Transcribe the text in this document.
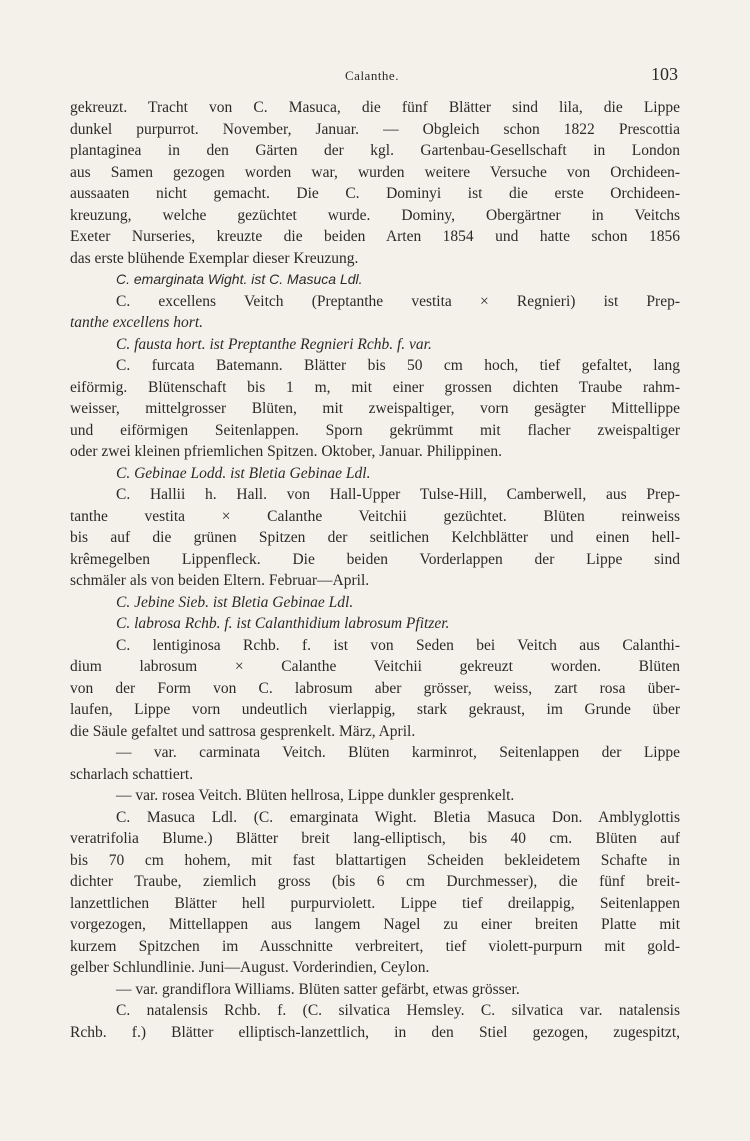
Calanthe.	103
gekreuzt. Tracht von C. Masuca, die fünf Blätter sind lila, die Lippe
dunkel purpurrot. November, Januar. — Obgleich schon 1822 Prescottia
plantaginea in den Gärten der kgl. Gartenbau-Gesellschaft in London
aus Samen gezogen worden war, wurden weitere Versuche von Orchideen-
aussaaten nicht gemacht. Die C. Dominyi ist die erste Orchideen-
kreuzung, welche gezüchtet wurde. Dominy, Obergärtner in Veitchs
Exeter Nurseries, kreuzte die beiden Arten 1854 und hatte schon 1856
das erste blühende Exemplar dieser Kreuzung.
C. emarginata Wight. ist C. Masuca Ldl.
C. excellens Veitch (Preptanthe vestita × Regnieri) ist Prep-
tanthe excellens hort.
C. fausta hort. ist Preptanthe Regnieri Rchb. f. var.
C. furcata Batemann. Blätter bis 50 cm hoch, tief gefaltet, lang
eiförmig. Blütenschaft bis 1 m, mit einer grossen dichten Traube rahm-
weisser, mittelgrosser Blüten, mit zweispaltiger, vorn gesägter Mittellippe
und eiförmigen Seitenlappen. Sporn gekrümmt mit flacher zweispaltiger
oder zwei kleinen pfriemlichen Spitzen. Oktober, Januar. Philippinen.
C. Gebinae Lodd. ist Bletia Gebinae Ldl.
C. Hallii h. Hall. von Hall-Upper Tulse-Hill, Camberwell, aus Prep-
tanthe vestita × Calanthe Veitchii gezüchtet. Blüten reinweiss
bis auf die grünen Spitzen der seitlichen Kelchblätter und einen hell-
krêmegelben Lippenfleck. Die beiden Vorderlappen der Lippe sind
schmäler als von beiden Eltern. Februar—April.
C. Jebine Sieb. ist Bletia Gebinae Ldl.
C. labrosa Rchb. f. ist Calanthidium labrosum Pfitzer.
C. lentiginosa Rchb. f. ist von Seden bei Veitch aus Calanthi-
dium labrosum × Calanthe Veitchii gekreuzt worden. Blüten
von der Form von C. labrosum aber grösser, weiss, zart rosa über-
laufen, Lippe vorn undeutlich vierlappig, stark gekraust, im Grunde über
die Säule gefaltet und sattrosa gesprenkelt. März, April.
— var. carminata Veitch. Blüten karminrot, Seitenlappen der Lippe
scharlach schattiert.
— var. rosea Veitch. Blüten hellrosa, Lippe dunkler gesprenkelt.
C. Masuca Ldl. (C. emarginata Wight. Bletia Masuca Don. Amblyglottis
veratrifolia Blume.) Blätter breit lang-elliptisch, bis 40 cm. Blüten auf
bis 70 cm hohem, mit fast blattartigen Scheiden bekleidetem Schafte in
dichter Traube, ziemlich gross (bis 6 cm Durchmesser), die fünf breit-
lanzettlichen Blätter hell purpurviolett. Lippe tief dreilappig, Seitenlappen
vorgezogen, Mittellappen aus langem Nagel zu einer breiten Platte mit
kurzem Spitzchen im Ausschnitte verbreitert, tief violett-purpurn mit gold-
gelber Schlundlinie. Juni—August. Vorderindien, Ceylon.
— var. grandiflora Williams. Blüten satter gefärbt, etwas grösser.
C. natalensis Rchb. f. (C. silvatica Hemsley. C. silvatica var. natalensis
Rchb. f.) Blätter elliptisch-lanzettlich, in den Stiel gezogen, zugespitzt,
